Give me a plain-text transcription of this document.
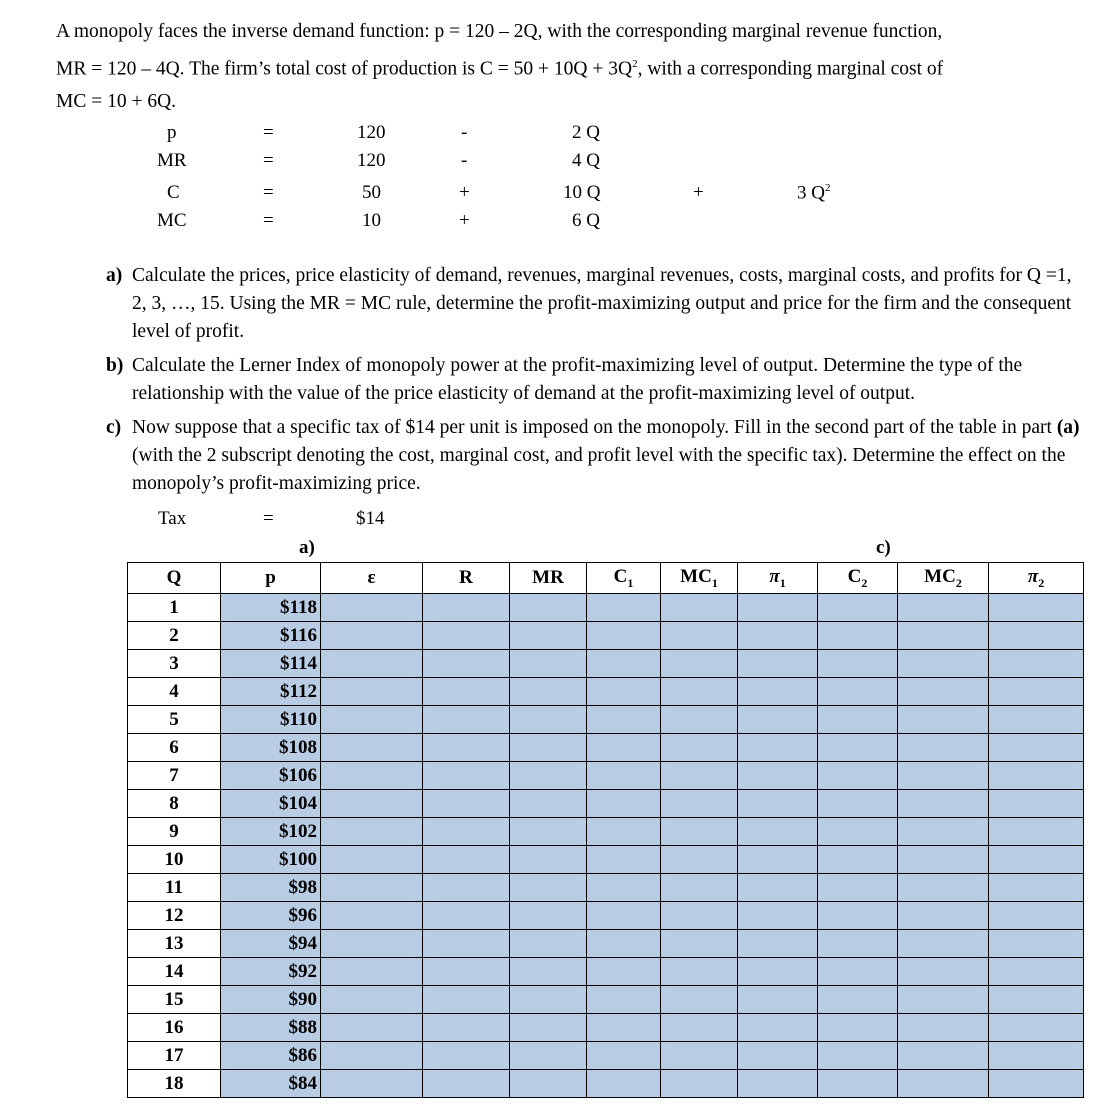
A monopoly faces the inverse demand function: p = 120 – 2Q, with the corresponding marginal revenue function,
MR = 120 – 4Q. The firm’s total cost of production is $C = 50 + 10Q + 3Q^2$, with a corresponding marginal cost of
MC = 10 + 6Q.
p	=	120	-	2 Q
MR	=	120	-	4 Q
C	=	50	+	10 Q	+	3 $Q^2$
MC	=	10	+	6 Q
a) Calculate the prices, price elasticity of demand, revenues, marginal revenues, costs, marginal costs, and profits for Q =1, 2, 3, …, 15. Using the MR = MC rule, determine the profit-maximizing output and price for the firm and the consequent level of profit.
b) Calculate the Lerner Index of monopoly power at the profit-maximizing level of output. Determine the type of the relationship with the value of the price elasticity of demand at the profit-maximizing level of output.
c) Now suppose that a specific tax of $14 per unit is imposed on the monopoly. Fill in the second part of the table in part (a) (with the 2 subscript denoting the cost, marginal cost, and profit level with the specific tax). Determine the effect on the monopoly’s profit-maximizing price.
Tax	=	$14
a)	c)
Q	p	ε	R	MR	$C_1$	$MC_1$	$\pi_1$	$C_2$	$MC_2$	$\pi_2$
1	$118									
2	$116									
3	$114									
4	$112									
5	$110									
6	$108									
7	$106									
8	$104									
9	$102									
10	$100									
11	$98									
12	$96									
13	$94									
14	$92									
15	$90									
16	$88									
17	$86									
18	$84									
